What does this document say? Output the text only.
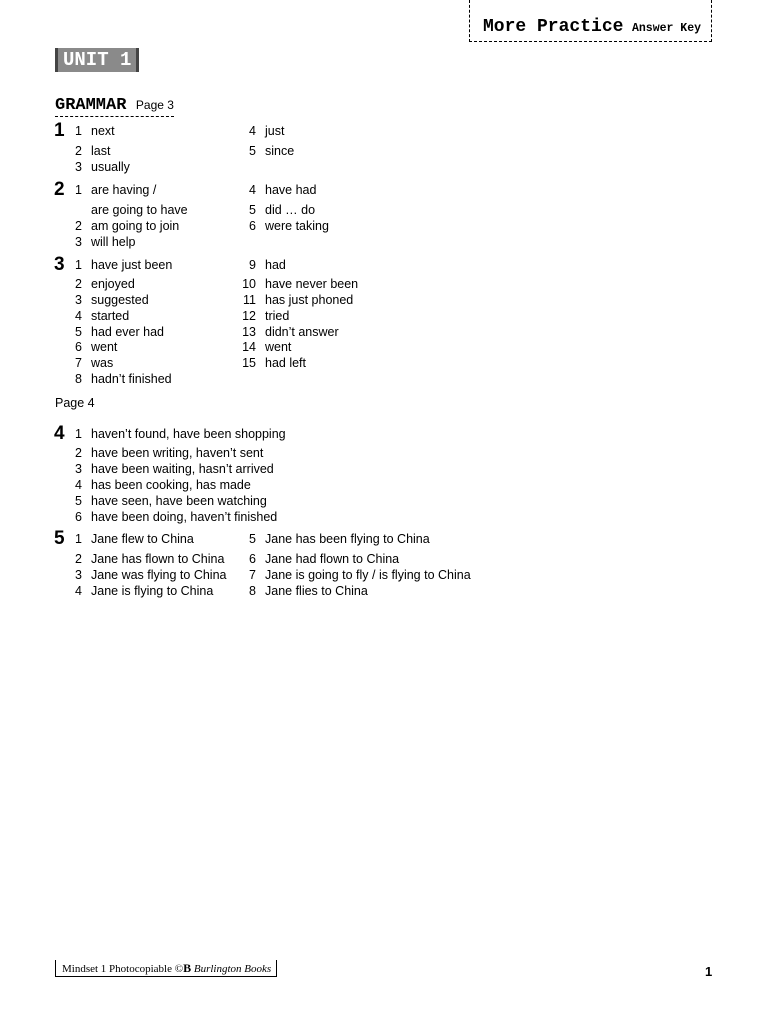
More Practice Answer Key
UNIT 1
GRAMMAR Page 3
1 1 next
2 last
3 usually
4 just
5 since
2 1 are having /
are going to have
2 am going to join
3 will help
4 have had
5 did … do
6 were taking
3 1 have just been
2 enjoyed
3 suggested
4 started
5 had ever had
6 went
7 was
8 hadn’t finished
9 had
10 have never been
11 has just phoned
12 tried
13 didn’t answer
14 went
15 had left
Page 4
4 1 haven’t found, have been shopping
2 have been writing, haven’t sent
3 have been waiting, hasn’t arrived
4 has been cooking, has made
5 have seen, have been watching
6 have been doing, haven’t finished
5 1 Jane flew to China
2 Jane has flown to China
3 Jane was flying to China
4 Jane is flying to China
5 Jane has been flying to China
6 Jane had flown to China
7 Jane is going to fly / is flying to China
8 Jane flies to China
Mindset 1 Photocopiable ©B Burlington Books	1
